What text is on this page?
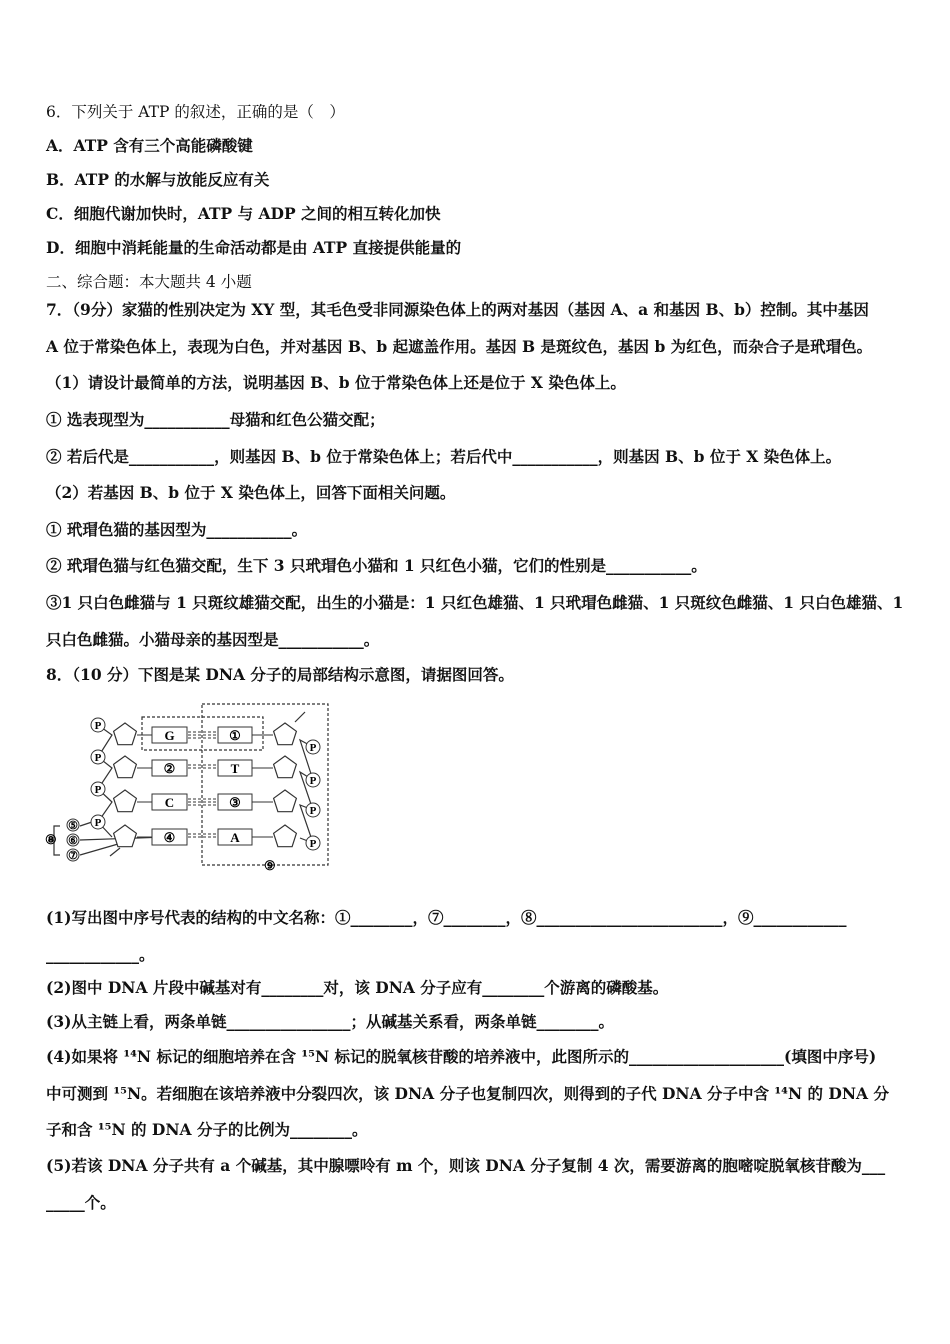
6．下列关于 ATP 的叙述，正确的是（　）
A．ATP 含有三个高能磷酸键
B．ATP 的水解与放能反应有关
C．细胞代谢加快时，ATP 与 ADP 之间的相互转化加快
D．细胞中消耗能量的生命活动都是由 ATP 直接提供能量的
二、综合题：本大题共 4 小题
7．（9分）家猫的性别决定为 XY 型，其毛色受非同源染色体上的两对基因（基因 A、a 和基因 B、b）控制。其中基因
A 位于常染色体上，表现为白色，并对基因 B、b 起遮盖作用。基因 B 是斑纹色，基因 b 为红色，而杂合子是玳瑁色。
（1）请设计最简单的方法，说明基因 B、b 位于常染色体上还是位于 X 染色体上。
① 选表现型为___________母猫和红色公猫交配；
② 若后代是___________，则基因 B、b 位于常染色体上；若后代中___________，则基因 B、b 位于 X 染色体上。
（2）若基因 B、b 位于 X 染色体上，回答下面相关问题。
① 玳瑁色猫的基因型为___________。
② 玳瑁色猫与红色猫交配，生下 3 只玳瑁色小猫和 1 只红色小猫，它们的性别是___________。
③1 只白色雌猫与 1 只斑纹雄猫交配，出生的小猫是：1 只红色雄猫、1 只玳瑁色雌猫、1 只斑纹色雌猫、1 只白色雄猫、1
只白色雌猫。小猫母亲的基因型是___________。
8．（10 分）下图是某 DNA 分子的局部结构示意图，请据图回答。
G	①
P
P
②	T
P
P
C	③
P
P
④	A
P
P
⑤
⑥
⑦
⑧
⑨
(1)写出图中序号代表的结构的中文名称：①________，⑦________，⑧________________________，⑨____________
____________。
(2)图中 DNA 片段中碱基对有________对，该 DNA 分子应有________个游离的磷酸基。
(3)从主链上看，两条单链________________；从碱基关系看，两条单链________。
(4)如果将 ¹⁴N 标记的细胞培养在含 ¹⁵N 标记的脱氧核苷酸的培养液中，此图所示的____________________(填图中序号)
中可测到 ¹⁵N。若细胞在该培养液中分裂四次，该 DNA 分子也复制四次，则得到的子代 DNA 分子中含 ¹⁴N 的 DNA 分
子和含 ¹⁵N 的 DNA 分子的比例为________。
(5)若该 DNA 分子共有 a 个碱基，其中腺嘌呤有 m 个，则该 DNA 分子复制 4 次，需要游离的胞嘧啶脱氧核苷酸为___
_____个。
